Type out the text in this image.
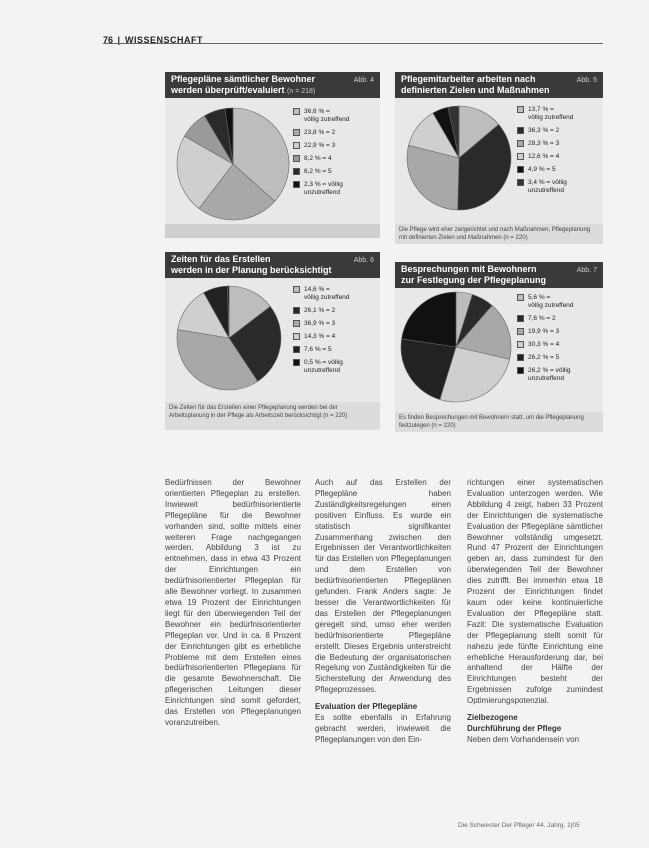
76 | WISSENSCHAFT
Pflegepläne sämtlicher Bewohner
werden überprüft/evaluiert (n = 218)
Abb. 4
36,6 % =
völlig zutreffend
23,8 % = 2
22,9 % = 3
8,2 % = 4
6,2 % = 5
2,3 % = völlig
unzutreffend
Pflegemitarbeiter arbeiten nach
definierten Zielen und Maßnahmen
Abb. 5
13,7 % =
völlig zutreffend
36,3 % = 2
28,3 % = 3
12,6 % = 4
4,9 % = 5
3,4 % = völlig
unzutreffend
Die Pflege wird eher zielgerichtet und nach Maßnahmen, Pflegeplanung mit definierten Zielen und Maßnahmen (n = 220)
Zeiten für das Erstellen
werden in der Planung berücksichtigt
Abb. 6
14,6 % =
völlig zutreffend
26,1 % = 2
36,9 % = 3
14,3 % = 4
7,6 % = 5
0,5 % = völlig
unzutreffend
Die Zeiten für das Erstellen einer Pflegeplanung werden bei der Arbeitsplanung in der Pflege als Arbeitszeit berücksichtigt (n = 220)
Besprechungen mit Bewohnern
zur Festlegung der Pflegeplanung
Abb. 7
5,6 % =
völlig zutreffend
7,6 % = 2
19,9 % = 3
30,3 % = 4
26,2 % = 5
26,2 % = völlig
unzutreffend
Es finden Besprechungen mit Bewohnern statt, um die Pflegeplanung festzulegen (n = 220)

Bedürfnissen der Bewohner orientierten Pflegeplan zu erstellen. Inwieweit bedürfnisorientierte Pflegepläne für die Bewohner vorhanden sind, sollte mittels einer weiteren Frage nachgegangen werden. Abbildung 3 ist zu entnehmen, dass in etwa 43 Prozent der Einrichtungen ein bedürfnisorientierter Pflegeplan für alle Bewohner vorliegt. In zusammen etwa 19 Prozent der Einrichtungen liegt für den überwiegenden Teil der Bewohner ein bedürfnisorientierter Pflegeplan vor. Und in ca. 8 Prozent der Einrichtungen gibt es erhebliche Probleme mit dem Erstellen eines bedürfnisorientierten Pflegeplans für die gesamte Bewohnerschaft. Die pflegerischen Leitungen dieser Einrichtungen sind somit gefordert, das Erstellen von Pflegeplanungen voranzutreiben.

Auch auf das Erstellen der Pflegepläne haben Zuständigkeitsregelungen einen positiven Einfluss. Es wurde ein statistisch signifikanter Zusammenhang zwischen den Ergebnissen der Verantwortlichkeiten für das Erstellen von Pflegeplanungen und dem Erstellen von bedürfnisorientierten Pflegeplänen gefunden. Frank Anders sagte: Je besser die Verantwortlichkeiten für das Erstellen der Pflegeplanungen geregelt sind, umso eher werden bedürfnisorientierte Pflegepläne erstellt. Dieses Ergebnis unterstreicht die Bedeutung der organisatorischen Regelung von Zuständigkeiten für die Sicherstellung der Anwendung des Pflegeprozesses.

Evaluation der Pflegepläne

Es sollte ebenfalls in Erfahrung gebracht werden, inwieweit die Pflegeplanungen von den Ein-

richtungen einer systematischen Evaluation unterzogen werden. Wie Abbildung 4 zeigt, haben 33 Prozent der Einrichtungen die systematische Evaluation der Pflegepläne sämtlicher Bewohner vollständig umgesetzt. Rund 47 Prozent der Einrichtungen geben an, dass zumindest für den überwiegenden Teil der Bewohner dies zutrifft. Bei immerhin etwa 18 Prozent der Einrichtungen findet kaum oder keine kontinuierliche Evaluation der Pflegepläne statt. Fazit: Die systematische Evaluation der Pflegeplanung stellt somit für nahezu jede fünfte Einrichtung eine erhebliche Herausforderung dar, bei anhaltend der Hälfte der Einrichtungen besteht der Ergebnissen zufolge zumindest Optimierungspotenzial.

Zielbezogene
Durchführung der Pflege

Neben dem Vorhandensein von

Die Schwester Der Pfleger 44. Jahrg. 1|05
